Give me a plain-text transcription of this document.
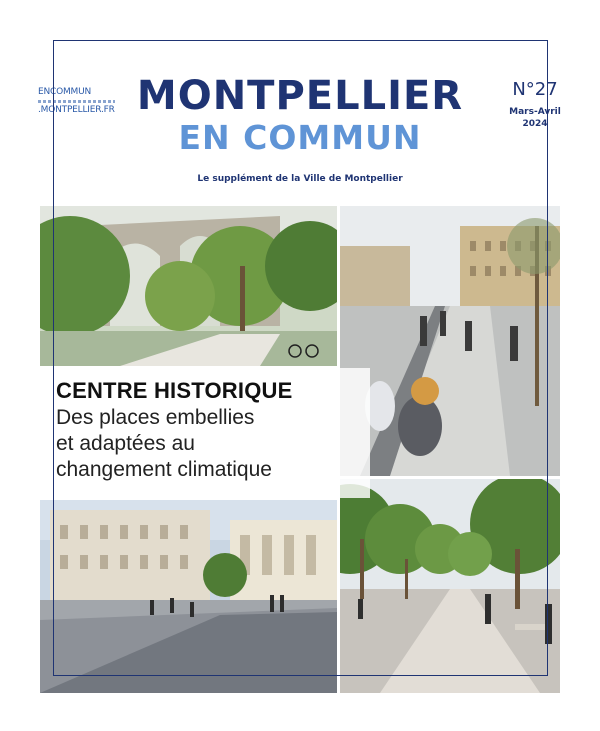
ENCOMMUN
.MONTPELLIER.FR MONTPELLIER
EN COMMUN
N°27
Mars-Avril
2024
Le supplément de la Ville de Montpellier
CENTRE HISTORIQUE
Des places embellies
et adaptées au
changement climatique
